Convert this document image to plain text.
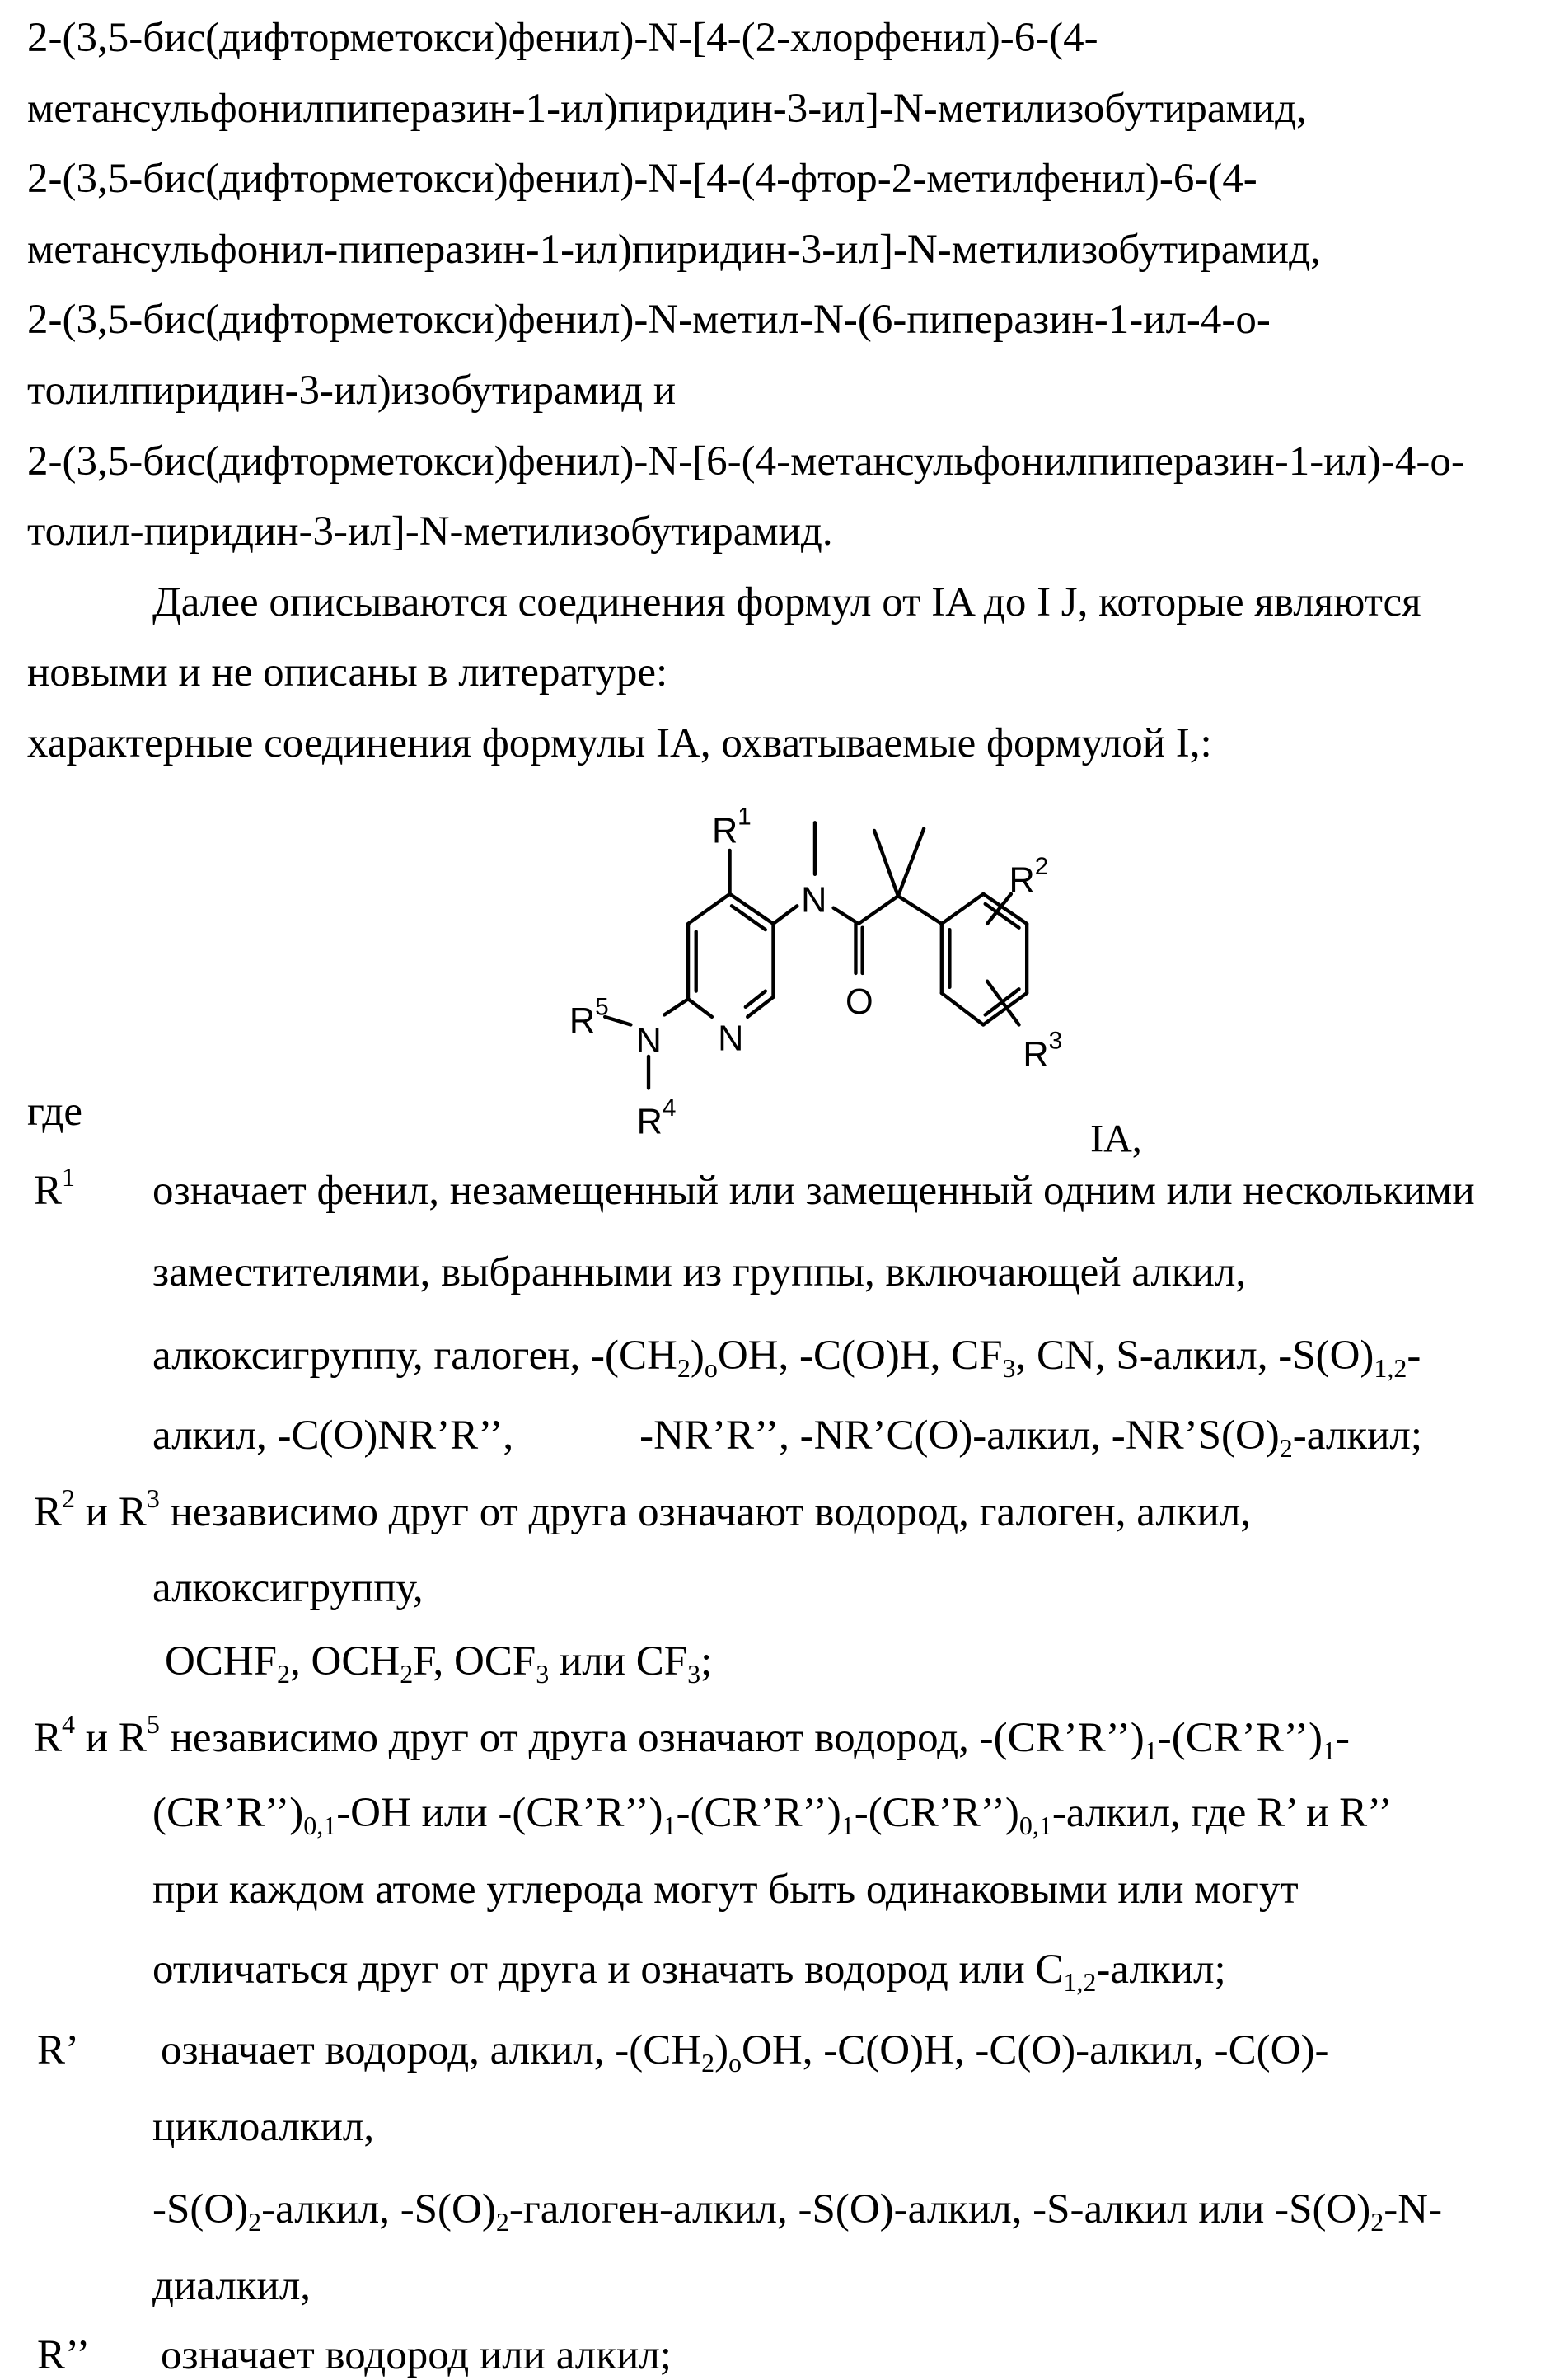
2-(3,5-бис(дифторметокси)фенил)-N-[4-(2-хлорфенил)-6-(4-
метансульфонилпиперазин-1-ил)пиридин-3-ил]-N-метилизобутирамид,
2-(3,5-бис(дифторметокси)фенил)-N-[4-(4-фтор-2-метилфенил)-6-(4-
метансульфонил-пиперазин-1-ил)пиридин-3-ил]-N-метилизобутирамид,
2-(3,5-бис(дифторметокси)фенил)-N-метил-N-(6-пиперазин-1-ил-4-о-
толилпиридин-3-ил)изобутирамид и
2-(3,5-бис(дифторметокси)фенил)-N-[6-(4-метансульфонилпиперазин-1-ил)-4-о-
толил-пиридин-3-ил]-N-метилизобутирамид.
Далее описываются соединения формул от IA до I J, которые являются
новыми и не описаны в литературе:
характерные соединения формулы IA, охватываемые формулой I,:
где
R1 означает фенил, незамещенный или замещенный одним или несколькими
заместителями, выбранными из группы, включающей алкил,
алкоксигруппу, галоген, -(CH2)oOH, -C(O)H, CF3, CN, S-алкил, -S(O)1,2-
алкил, -C(O)NR’R’’,            -NR’R’’, -NR’C(O)-алкил, -NR’S(O)2-алкил;
R2 и R3 независимо друг от друга означают водород, галоген, алкил,
алкоксигруппу,
OCHF2, OCH2F, OCF3 или CF3;
R4 и R5 независимо друг от друга означают водород, -(CR’R’’)1-(CR’R’’)1-
(CR’R’’)0,1-OH или -(CR’R’’)1-(CR’R’’)1-(CR’R’’)0,1-алкил, где R’ и R’’
при каждом атоме углерода могут быть одинаковыми или могут
отличаться друг от друга и означать водород или C1,2-алкил;
R’ означает водород, алкил, -(CH2)oOH, -C(O)H, -C(O)-алкил, -C(O)-
циклоалкил,
-S(O)2-алкил, -S(O)2-галоген-алкил, -S(O)-алкил, -S-алкил или -S(O)2-N-
диалкил,
R’’ означает водород или алкил;
R1
R2
R3
R4
R5
N
N
N
O
IA,
